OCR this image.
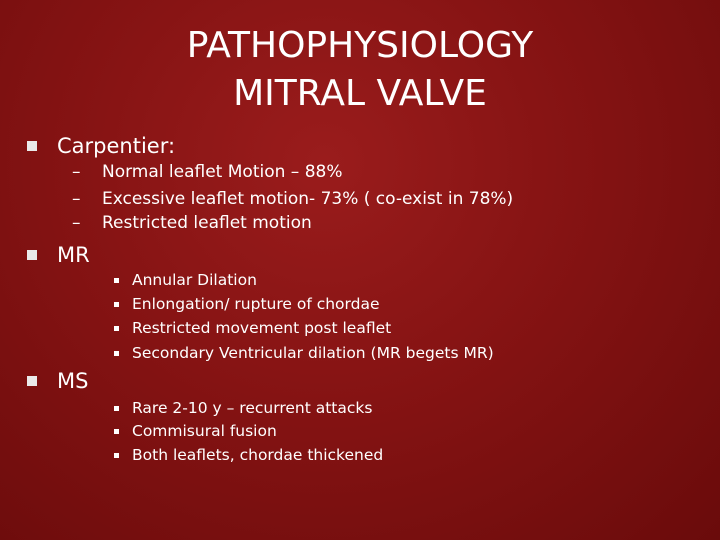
PATHOPHYSIOLOGY
MITRAL VALVE
Carpentier:
–	Normal leaflet Motion – 88%
–	Excessive leaflet motion- 73% ( co-exist in 78%)
–	Restricted leaflet motion
MR
Annular Dilation
Enlongation/ rupture of chordae
Restricted movement post leaflet
Secondary Ventricular dilation (MR begets MR)
MS
Rare 2-10 y – recurrent attacks
Commisural fusion
Both leaflets, chordae thickened
